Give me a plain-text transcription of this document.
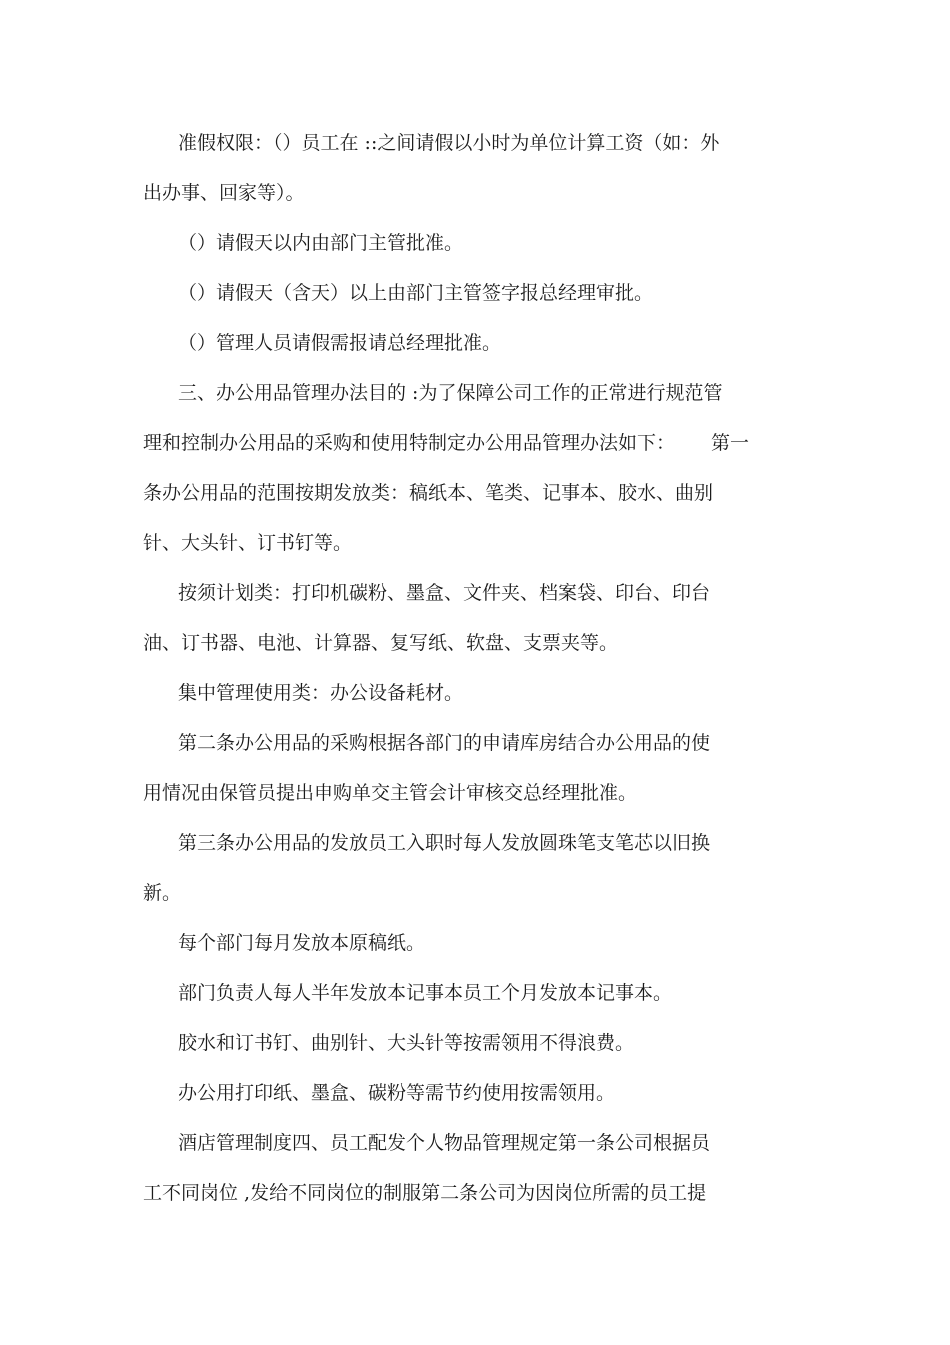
准假权限：（）员工在 ::之间请假以小时为单位计算工资（如：外
出办事、回家等）。
（）请假天以内由部门主管批准。
（）请假天（含天）以上由部门主管签字报总经理审批。
（）管理人员请假需报请总经理批准。
三、办公用品管理办法目的 :为了保障公司工作的正常进行规范管
理和控制办公用品的采购和使用特制定办公用品管理办法如下： 第一
条办公用品的范围按期发放类：稿纸本、笔类、记事本、胶水、曲别
针、大头针、订书钉等。
按须计划类：打印机碳粉、墨盒、文件夹、档案袋、印台、印台
油、订书器、电池、计算器、复写纸、软盘、支票夹等。
集中管理使用类：办公设备耗材。
第二条办公用品的采购根据各部门的申请库房结合办公用品的使
用情况由保管员提出申购单交主管会计审核交总经理批准。
第三条办公用品的发放员工入职时每人发放圆珠笔支笔芯以旧换
新。
每个部门每月发放本原稿纸。
部门负责人每人半年发放本记事本员工个月发放本记事本。
胶水和订书钉、曲别针、大头针等按需领用不得浪费。
办公用打印纸、墨盒、碳粉等需节约使用按需领用。
酒店管理制度四、员工配发个人物品管理规定第一条公司根据员
工不同岗位 ,发给不同岗位的制服第二条公司为因岗位所需的员工提
